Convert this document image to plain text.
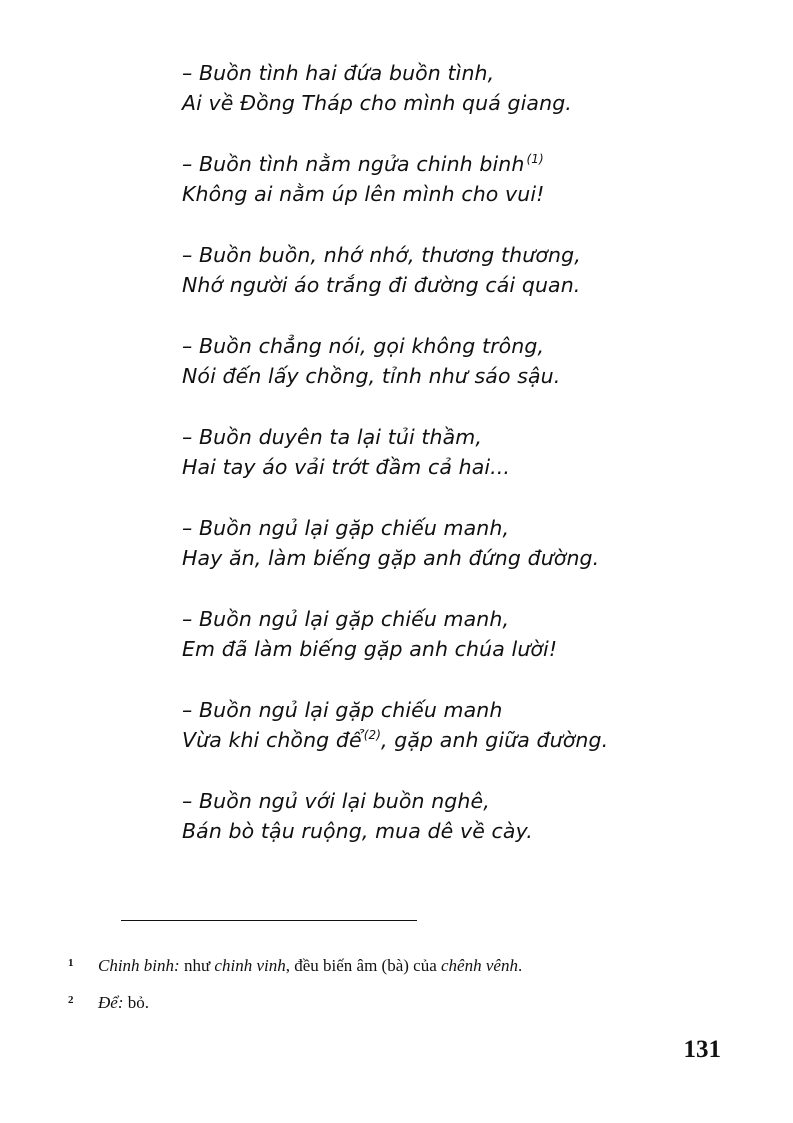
– Buồn tình hai đứa buồn tình,
Ai về Đồng Tháp cho mình quá giang.
– Buồn tình nằm ngửa chinh binh $^{(1)}$
Không ai nằm úp lên mình cho vui!
– Buồn buồn, nhớ nhớ, thương thương,
Nhớ người áo trắng đi đường cái quan.
– Buồn chẳng nói, gọi không trông,
Nói đến lấy chồng, tỉnh như sáo sậu.
– Buồn duyên ta lại tủi thầm,
Hai tay áo vải trớt đầm cả hai...
– Buồn ngủ lại gặp chiếu manh,
Hay ăn, làm biếng gặp anh đứng đường.
– Buồn ngủ lại gặp chiếu manh,
Em đã làm biếng gặp anh chúa lười!
– Buồn ngủ lại gặp chiếu manh
Vừa khi chồng để $^{(2)}$, gặp anh giữa đường.
– Buồn ngủ với lại buồn nghê,
Bán bò tậu ruộng, mua dê về cày.
1 Chinh binh: như chinh vinh, đều biến âm (bà) của chênh vênh.
2 Để: bỏ.
131
